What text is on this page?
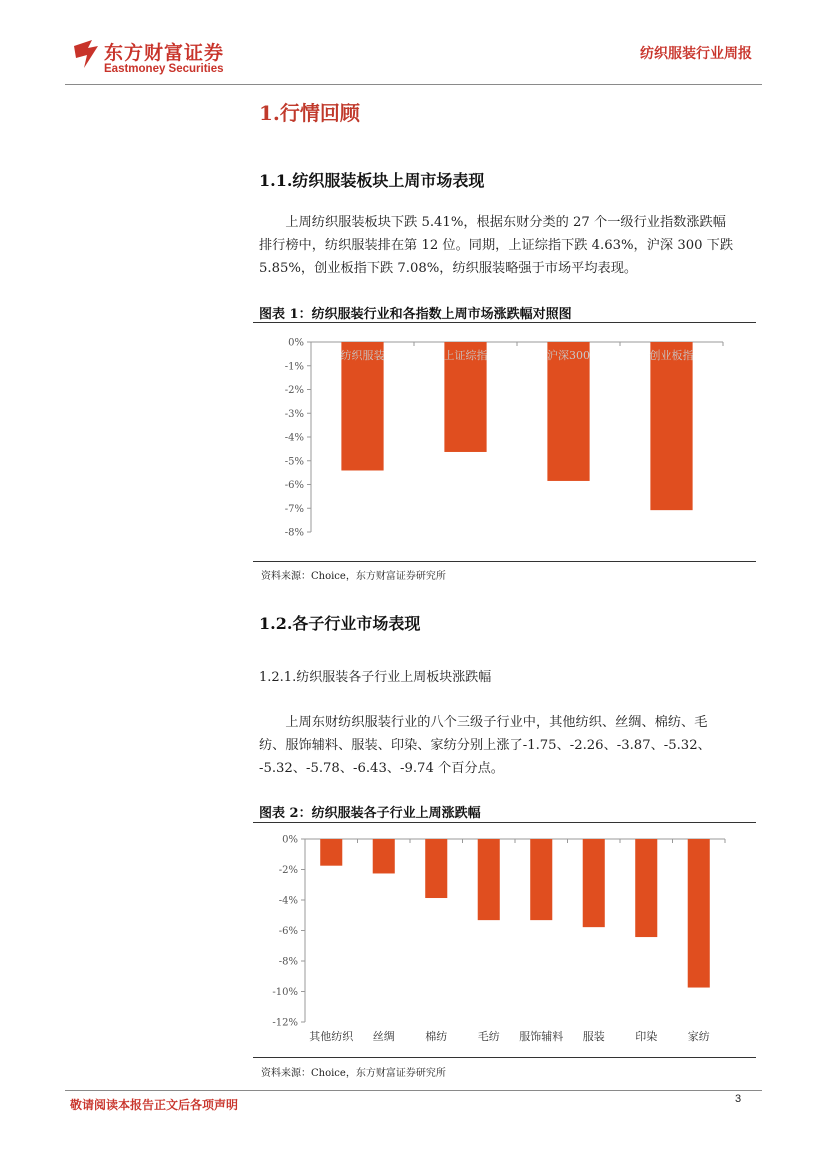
东方财富证券
Eastmoney Securities
纺织服装行业周报
1.行情回顾
1.1.纺织服装板块上周市场表现
上周纺织服装板块下跌 5.41%，根据东财分类的 27 个一级行业指数涨跌幅
排行榜中，纺织服装排在第 12 位。同期，上证综指下跌 4.63%，沪深 300 下跌
5.85%，创业板指下跌 7.08%，纺织服装略强于市场平均表现。
图表 1：纺织服装行业和各指数上周市场涨跌幅对照图
0%
-1%
-2%
-3%
-4%
-5%
-6%
-7%
-8%
纺织服装	上证综指	沪深300	创业板指
资料来源：Choice，东方财富证券研究所
1.2.各子行业市场表现
1.2.1.纺织服装各子行业上周板块涨跌幅
上周东财纺织服装行业的八个三级子行业中，其他纺织、丝绸、棉纺、毛
纺、服饰辅料、服装、印染、家纺分别上涨了-1.75、-2.26、-3.87、-5.32、
-5.32、-5.78、-6.43、-9.74 个百分点。
图表 2：纺织服装各子行业上周涨跌幅
0%
-2%
-4%
-6%
-8%
-10%
-12%
其他纺织 丝绸	棉纺	毛纺 服饰辅料 服装	印染	家纺
资料来源：Choice，东方财富证券研究所
敬请阅读本报告正文后各项声明	3
